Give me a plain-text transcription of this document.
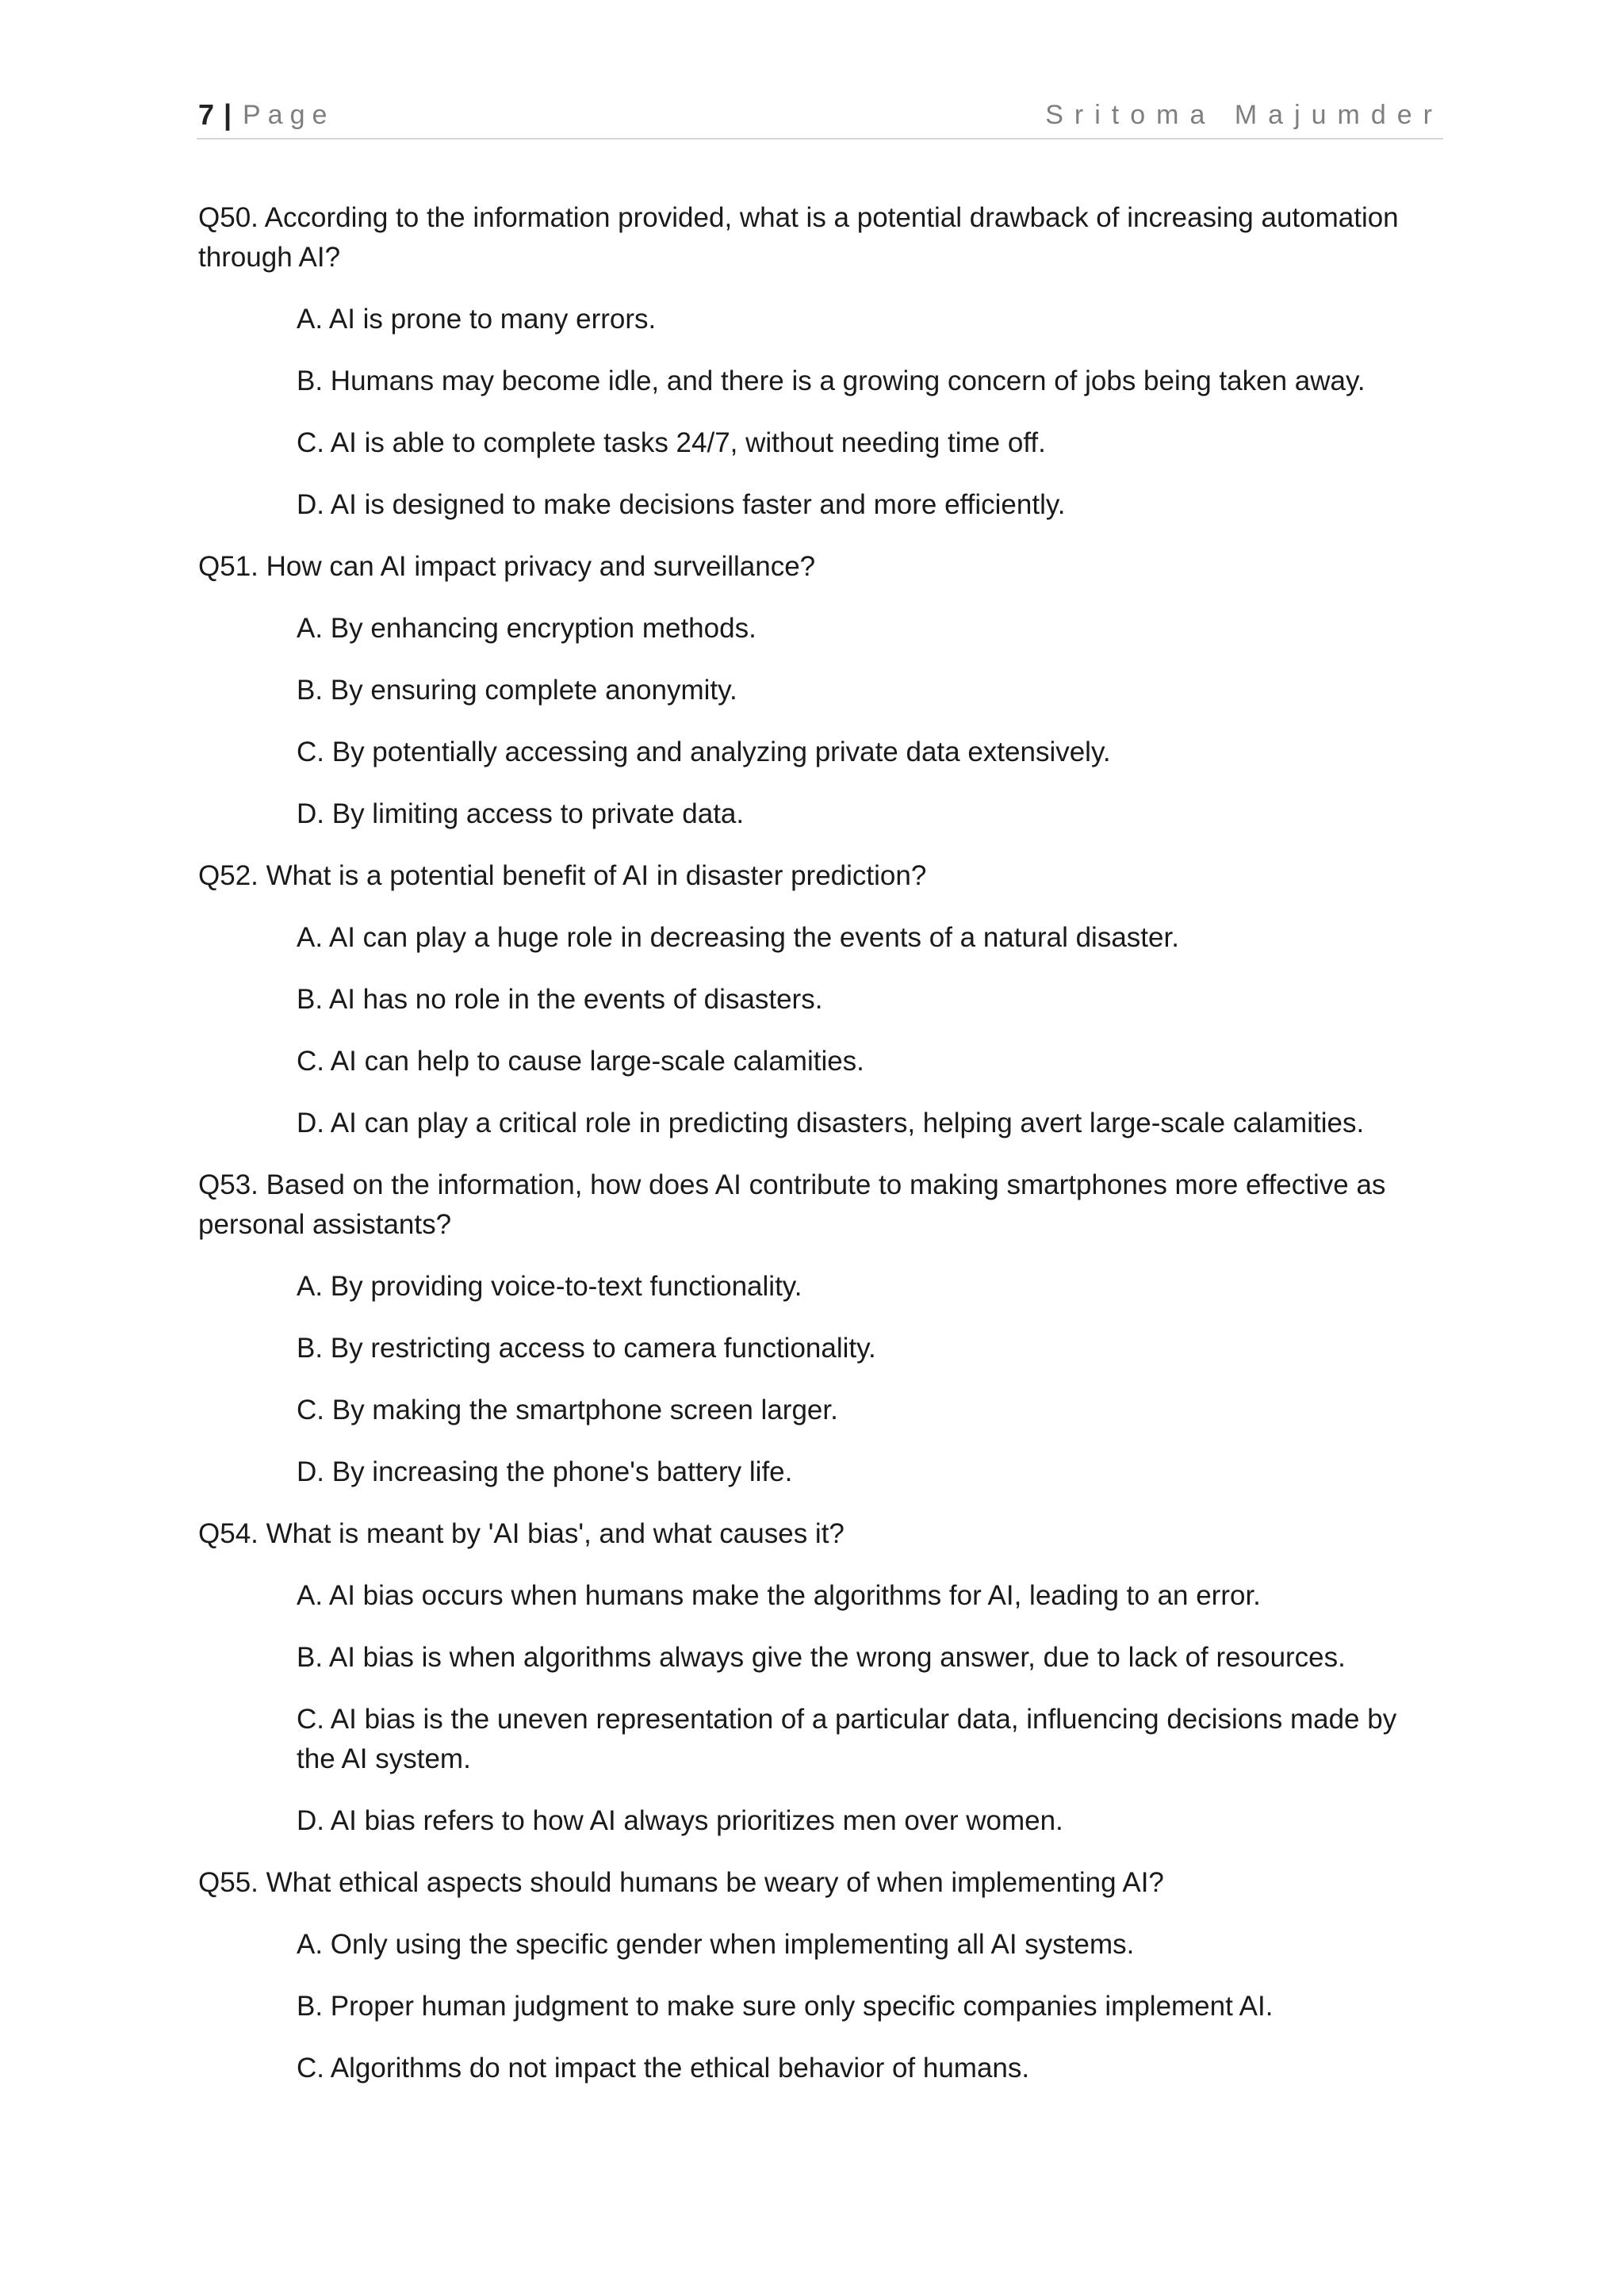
7 | Page	Sritoma Majumder

Q50. According to the information provided, what is a potential drawback of increasing automation through AI?

A. AI is prone to many errors.
B. Humans may become idle, and there is a growing concern of jobs being taken away.
C. AI is able to complete tasks 24/7, without needing time off.
D. AI is designed to make decisions faster and more efficiently.

Q51. How can AI impact privacy and surveillance?

A. By enhancing encryption methods.
B. By ensuring complete anonymity.
C. By potentially accessing and analyzing private data extensively.
D. By limiting access to private data.

Q52. What is a potential benefit of AI in disaster prediction?

A. AI can play a huge role in decreasing the events of a natural disaster.
B. AI has no role in the events of disasters.
C. AI can help to cause large-scale calamities.
D. AI can play a critical role in predicting disasters, helping avert large-scale calamities.

Q53. Based on the information, how does AI contribute to making smartphones more effective as personal assistants?

A. By providing voice-to-text functionality.
B. By restricting access to camera functionality.
C. By making the smartphone screen larger.
D. By increasing the phone's battery life.

Q54. What is meant by 'AI bias', and what causes it?

A. AI bias occurs when humans make the algorithms for AI, leading to an error.
B. AI bias is when algorithms always give the wrong answer, due to lack of resources.
C. AI bias is the uneven representation of a particular data, influencing decisions made by the AI system.
D. AI bias refers to how AI always prioritizes men over women.

Q55. What ethical aspects should humans be weary of when implementing AI?

A. Only using the specific gender when implementing all AI systems.
B. Proper human judgment to make sure only specific companies implement AI.
C. Algorithms do not impact the ethical behavior of humans.
